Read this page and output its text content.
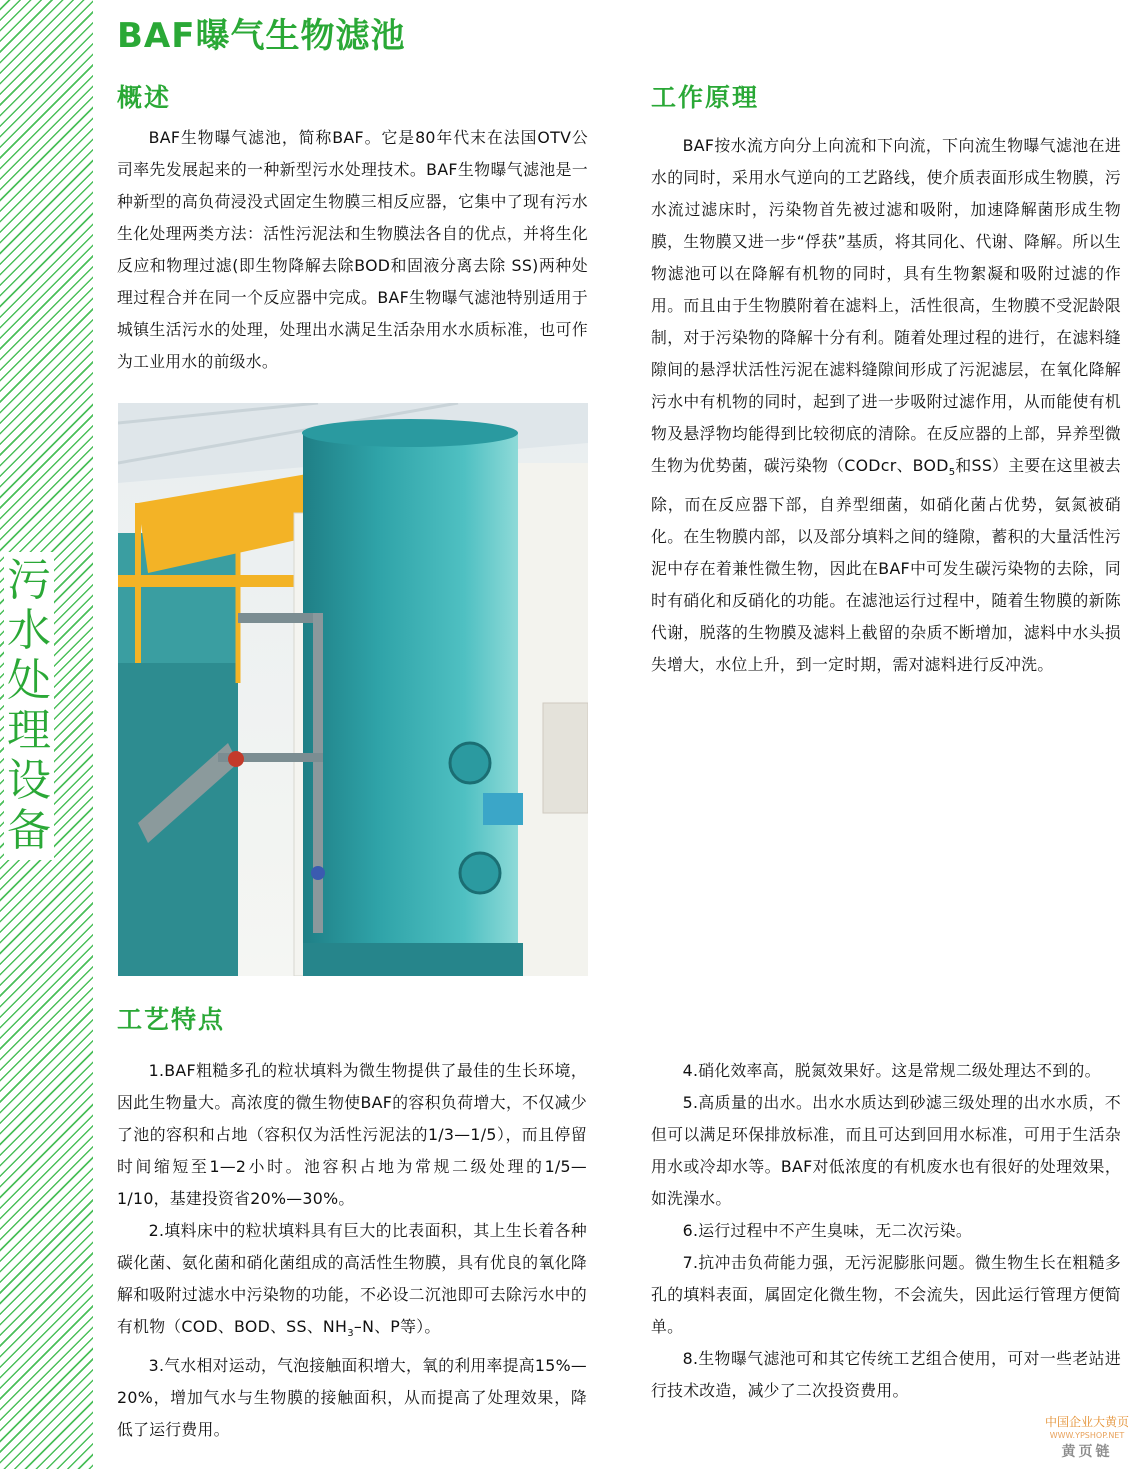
污
水
处
理
设
备
BAF曝气生物滤池
概述

BAF生物曝气滤池，简称BAF。它是80年代末在法国OTV公司率先发展起来的一种新型污水处理技术。BAF生物曝气滤池是一种新型的高负荷浸没式固定生物膜三相反应器，它集中了现有污水生化处理两类方法：活性污泥法和生物膜法各自的优点，并将生化反应和物理过滤(即生物降解去除BOD和固液分离去除 SS)两种处理过程合并在同一个反应器中完成。BAF生物曝气滤池特别适用于城镇生活污水的处理，处理出水满足生活杂用水水质标准，也可作为工业用水的前级水。

工作原理

BAF按水流方向分上向流和下向流，下向流生物曝气滤池在进水的同时，采用水气逆向的工艺路线，使介质表面形成生物膜，污水流过滤床时，污染物首先被过滤和吸附，加速降解菌形成生物膜，生物膜又进一步“俘获”基质，将其同化、代谢、降解。所以生物滤池可以在降解有机物的同时，具有生物絮凝和吸附过滤的作用。而且由于生物膜附着在滤料上，活性很高，生物膜不受泥龄限制，对于污染物的降解十分有利。随着处理过程的进行，在滤料缝隙间的悬浮状活性污泥在滤料缝隙间形成了污泥滤层，在氧化降解污水中有机物的同时，起到了进一步吸附过滤作用，从而能使有机物及悬浮物均能得到比较彻底的清除。在反应器的上部，异养型微生物为优势菌，碳污染物（CODcr、$BOD_5$和SS）主要在这里被去除，而在反应器下部，自养型细菌，如硝化菌占优势，氨氮被硝化。在生物膜内部，以及部分填料之间的缝隙，蓄积的大量活性污泥中存在着兼性微生物，因此在BAF中可发生碳污染物的去除，同时有硝化和反硝化的功能。在滤池运行过程中，随着生物膜的新陈代谢，脱落的生物膜及滤料上截留的杂质不断增加，滤料中水头损失增大，水位上升，到一定时期，需对滤料进行反冲洗。

工艺特点

1.BAF粗糙多孔的粒状填料为微生物提供了最佳的生长环境，因此生物量大。高浓度的微生物使BAF的容积负荷增大，不仅减少了池的容积和占地（容积仅为活性污泥法的1/3—1/5），而且停留时间缩短至1—2小时。池容积占地为常规二级处理的1/5—1/10，基建投资省20%—30%。

2.填料床中的粒状填料具有巨大的比表面积，其上生长着各种碳化菌、氨化菌和硝化菌组成的高活性生物膜，具有优良的氧化降解和吸附过滤水中污染物的功能，不必设二沉池即可去除污水中的有机物（COD、BOD、SS、$NH_3-N$、P等）。

3.气水相对运动，气泡接触面积增大，氧的利用率提高15%—20%，增加气水与生物膜的接触面积，从而提高了处理效果，降低了运行费用。

4.硝化效率高，脱氮效果好。这是常规二级处理达不到的。

5.高质量的出水。出水水质达到砂滤三级处理的出水水质，不但可以满足环保排放标准，而且可达到回用水标准，可用于生活杂用水或冷却水等。BAF对低浓度的有机废水也有很好的处理效果，如洗澡水。

6.运行过程中不产生臭味，无二次污染。

7.抗冲击负荷能力强，无污泥膨胀问题。微生物生长在粗糙多孔的填料表面，属固定化微生物，不会流失，因此运行管理方便简单。

8.生物曝气滤池可和其它传统工艺组合使用，可对一些老站进行技术改造，减少了二次投资费用。

中国企业大黄页
WWW.YPSHOP.NET
黄页链
